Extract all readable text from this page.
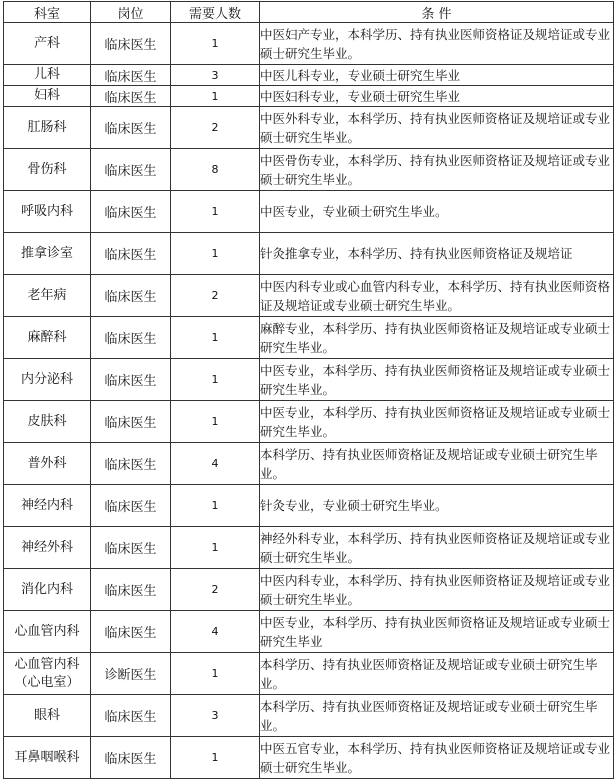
科室	岗位	需要人数	条 件
产科	临床医生	1	中医妇产专业，本科学历、持有执业医师资格证及规培证或专业硕士研究生毕业。
儿科	临床医生	3	中医儿科专业，专业硕士研究生毕业
妇科	临床医生	1	中医妇科专业，专业硕士研究生毕业
肛肠科	临床医生	2	中医外科专业，本科学历、持有执业医师资格证及规培证或专业硕士研究生毕业。
骨伤科	临床医生	8	中医骨伤专业，本科学历、持有执业医师资格证及规培证或专业硕士研究生毕业。
呼吸内科	临床医生	1	中医专业，专业硕士研究生毕业。
推拿诊室	临床医生	1	针灸推拿专业，本科学历、持有执业医师资格证及规培证
老年病	临床医生	2	中医内科专业或心血管内科专业，本科学历、持有执业医师资格证及规培证或专业硕士研究生毕业。
麻醉科	临床医生	1	麻醉专业，本科学历、持有执业医师资格证及规培证或专业硕士研究生毕业。
内分泌科	临床医生	1	中医专业，本科学历、持有执业医师资格证及规培证或专业硕士研究生毕业。
皮肤科	临床医生	1	中医专业，本科学历、持有执业医师资格证及规培证或专业硕士研究生毕业。
普外科	临床医生	4	本科学历、持有执业医师资格证及规培证或专业硕士研究生毕业。
神经内科	临床医生	1	针灸专业，专业硕士研究生毕业。
神经外科	临床医生	1	神经外科专业，本科学历、持有执业医师资格证及规培证或专业硕士研究生毕业。
消化内科	临床医生	2	中医内科专业，本科学历、持有执业医师资格证及规培证或专业硕士研究生毕业。
心血管内科	临床医生	4	中医专业，本科学历、持有执业医师资格证及规培证或专业硕士研究生毕业
心血管内科（心电室）	诊断医生	1	本科学历、持有执业医师资格证及规培证或专业硕士研究生毕业。
眼科	临床医生	3	本科学历、持有执业医师资格证及规培证或专业硕士研究生毕业。
耳鼻咽喉科	临床医生	1	中医五官专业，本科学历、持有执业医师资格证及规培证或专业硕士研究生毕业。
